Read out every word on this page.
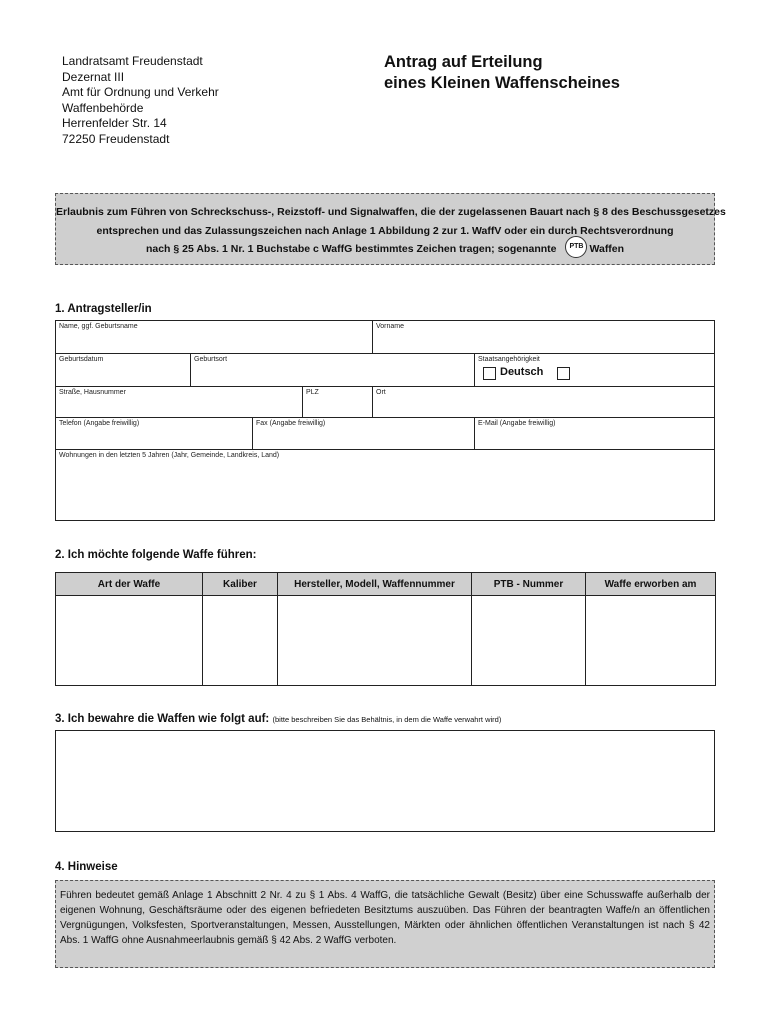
Landratsamt Freudenstadt
Dezernat III
Amt für Ordnung und Verkehr
Waffenbehörde
Herrenfelder Str. 14
72250 Freudenstadt
Antrag auf Erteilung
eines Kleinen Waffenscheines
Erlaubnis zum Führen von Schreckschuss-, Reizstoff- und Signalwaffen, die der zugelassenen Bauart nach § 8 des Beschussgesetzes
entsprechen und das Zulassungszeichen nach Anlage 1 Abbildung 2 zur 1. WaffV oder ein durch Rechtsverordnung
nach § 25 Abs. 1 Nr. 1 Buchstabe c WaffG bestimmtes Zeichen tragen; sogenannte PTB Waffen
1. Antragsteller/in
Name, ggf. Geburtsname	Vorname
Geburtsdatum	Geburtsort	Staatsangehörigkeit
Deutsch
Straße, Hausnummer	PLZ	Ort
Telefon (Angabe freiwillig)	Fax (Angabe freiwillig)	E-Mail (Angabe freiwillig)
Wohnungen in den letzten 5 Jahren (Jahr, Gemeinde, Landkreis, Land)
2. Ich möchte folgende Waffe führen:
Art der Waffe	Kaliber	Hersteller, Modell, Waffennummer	PTB - Nummer	Waffe erworben am

3. Ich bewahre die Waffen wie folgt auf: (bitte beschreiben Sie das Behältnis, in dem die Waffe verwahrt wird)
4. Hinweise
Führen bedeutet gemäß Anlage 1 Abschnitt 2 Nr. 4 zu § 1 Abs. 4 WaffG, die tatsächliche Gewalt (Besitz) über eine Schusswaffe außerhalb der eigenen Wohnung, Geschäftsräume oder des eigenen befriedeten Besitztums auszuüben. Das Führen der beantragten Waffe/n an öffentlichen Vergnügungen, Volksfesten, Sportveranstaltungen, Messen, Ausstellungen, Märkten oder ähnlichen öffentlichen Veranstaltungen ist nach § 42 Abs. 1 WaffG ohne Ausnahmeerlaubnis gemäß § 42 Abs. 2 WaffG verboten.
